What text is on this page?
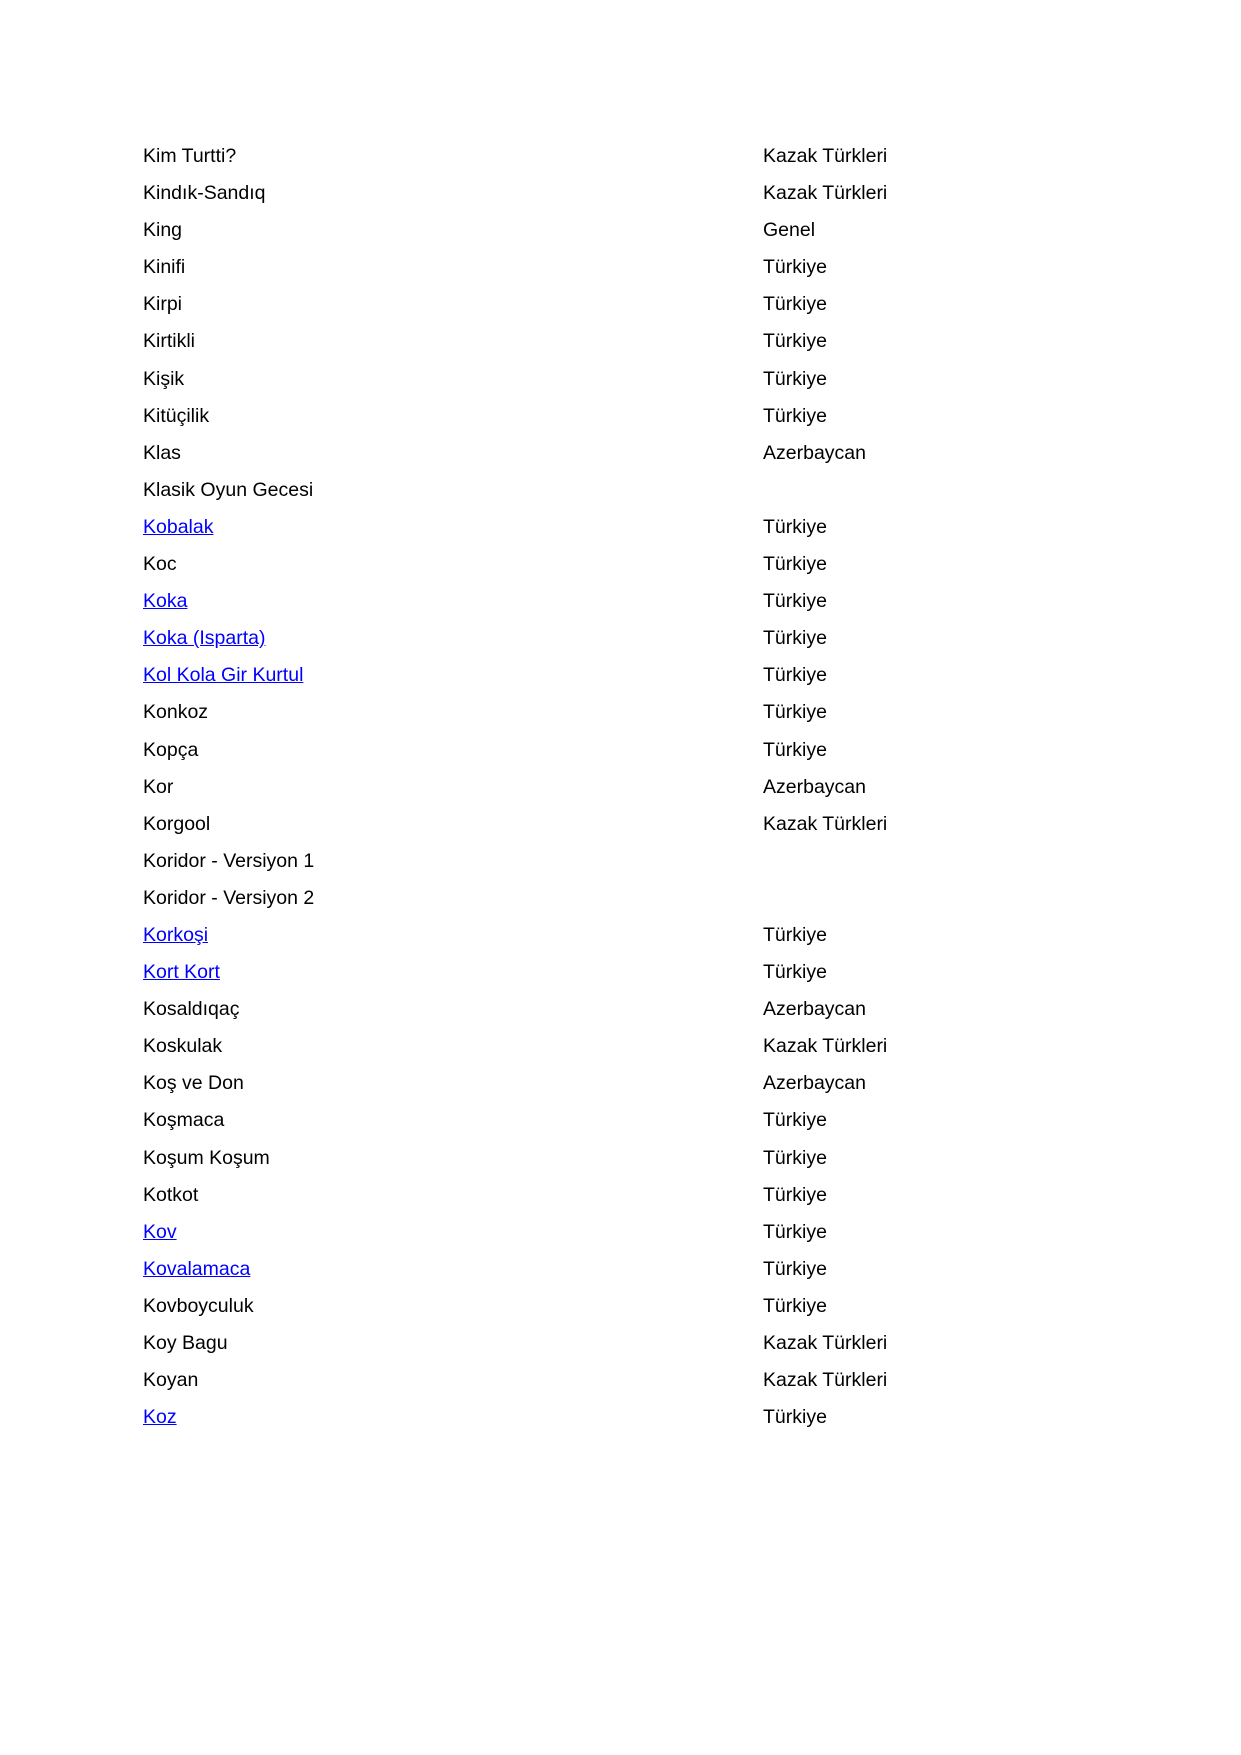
Kim Turtti?	Kazak Türkleri
Kindık-Sandıq	Kazak Türkleri
King	Genel
Kinifi	Türkiye
Kirpi	Türkiye
Kirtikli	Türkiye
Kişik	Türkiye
Kitüçilik	Türkiye
Klas	Azerbaycan
Klasik Oyun Gecesi
Kobalak	Türkiye
Koc	Türkiye
Koka	Türkiye
Koka (Isparta)	Türkiye
Kol Kola Gir Kurtul	Türkiye
Konkoz	Türkiye
Kopça	Türkiye
Kor	Azerbaycan
Korgool	Kazak Türkleri
Koridor - Versiyon 1
Koridor - Versiyon 2
Korkoşi	Türkiye
Kort Kort	Türkiye
Kosaldıqaç	Azerbaycan
Koskulak	Kazak Türkleri
Koş ve Don	Azerbaycan
Koşmaca	Türkiye
Koşum Koşum	Türkiye
Kotkot	Türkiye
Kov	Türkiye
Kovalamaca	Türkiye
Kovboyculuk	Türkiye
Koy Bagu	Kazak Türkleri
Koyan	Kazak Türkleri
Koz	Türkiye
